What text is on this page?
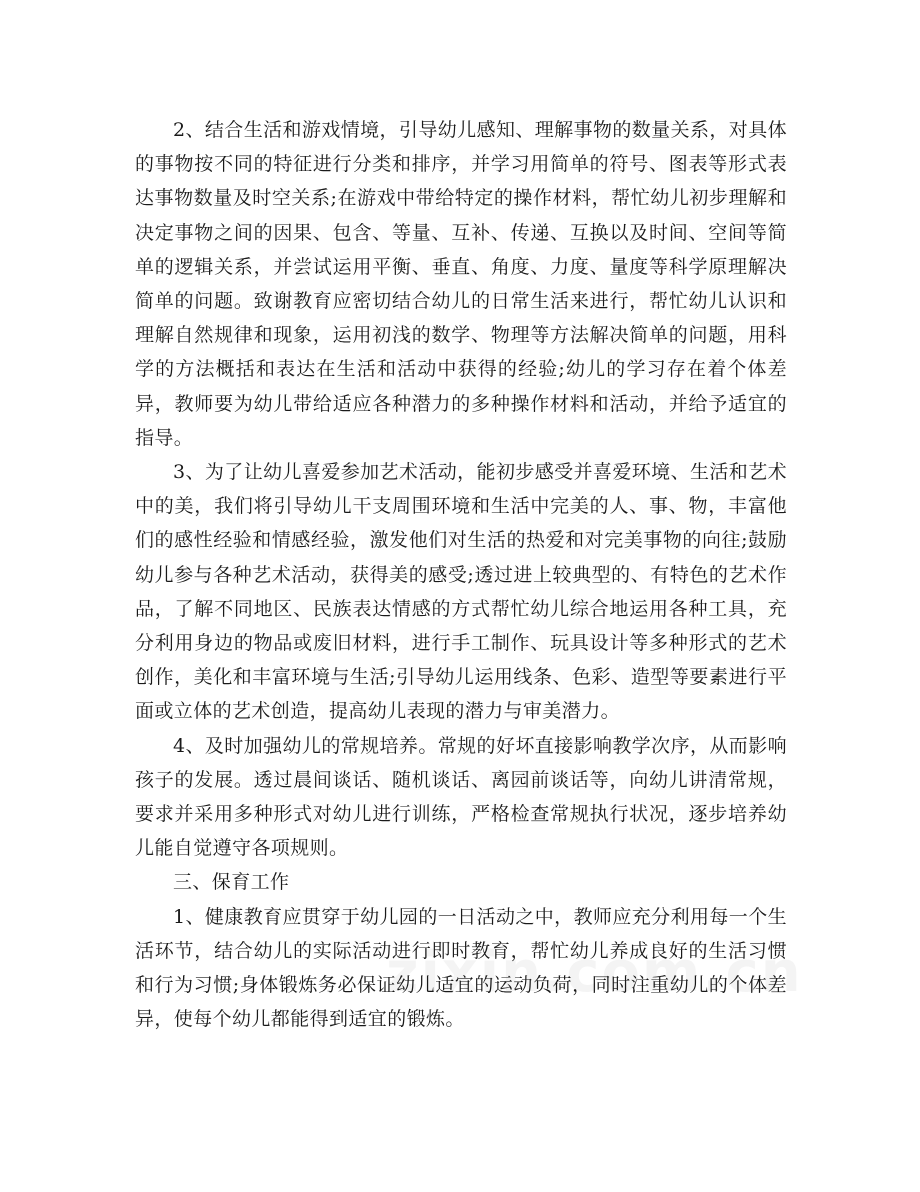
2、结合生活和游戏情境，引导幼儿感知、理解事物的数量关系，对具体的事物按不同的特征进行分类和排序，并学习用简单的符号、图表等形式表达事物数量及时空关系;在游戏中带给特定的操作材料，帮忙幼儿初步理解和决定事物之间的因果、包含、等量、互补、传递、互换以及时间、空间等简单的逻辑关系，并尝试运用平衡、垂直、角度、力度、量度等科学原理解决简单的问题。致谢教育应密切结合幼儿的日常生活来进行，帮忙幼儿认识和理解自然规律和现象，运用初浅的数学、物理等方法解决简单的问题，用科学的方法概括和表达在生活和活动中获得的经验;幼儿的学习存在着个体差异，教师要为幼儿带给适应各种潜力的多种操作材料和活动，并给予适宜的指导。

3、为了让幼儿喜爱参加艺术活动，能初步感受并喜爱环境、生活和艺术中的美，我们将引导幼儿干支周围环境和生活中完美的人、事、物，丰富他们的感性经验和情感经验，激发他们对生活的热爱和对完美事物的向往;鼓励幼儿参与各种艺术活动，获得美的感受;透过进上较典型的、有特色的艺术作品，了解不同地区、民族表达情感的方式帮忙幼儿综合地运用各种工具，充分利用身边的物品或废旧材料，进行手工制作、玩具设计等多种形式的艺术创作，美化和丰富环境与生活;引导幼儿运用线条、色彩、造型等要素进行平面或立体的艺术创造，提高幼儿表现的潜力与审美潜力。

4、及时加强幼儿的常规培养。常规的好坏直接影响教学次序，从而影响孩子的发展。透过晨间谈话、随机谈话、离园前谈话等，向幼儿讲清常规，要求并采用多种形式对幼儿进行训练，严格检查常规执行状况，逐步培养幼儿能自觉遵守各项规则。

三、保育工作

1、健康教育应贯穿于幼儿园的一日活动之中，教师应充分利用每一个生活环节，结合幼儿的实际活动进行即时教育，帮忙幼儿养成良好的生活习惯和行为习惯;身体锻炼务必保证幼儿适宜的运动负荷，同时注重幼儿的个体差异，使每个幼儿都能得到适宜的锻炼。
